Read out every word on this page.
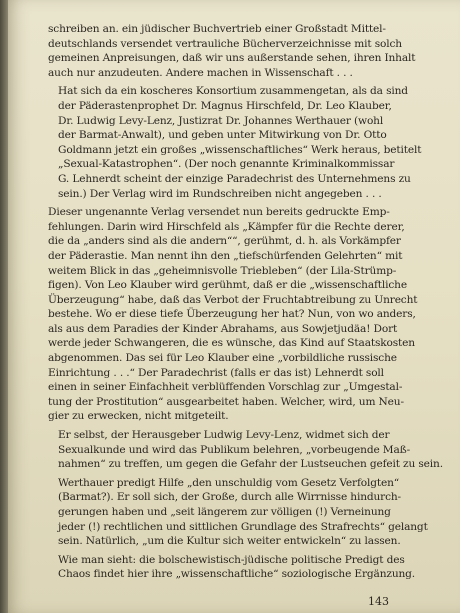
schreiben an. ein jüdischer Buchvertrieb einer Großstadt Mittel-
deutschlands versendet vertrauliche Bücherverzeichnisse mit solch
gemeinen Anpreisungen, daß wir uns außerstande sehen, ihren Inhalt
auch nur anzudeuten. Andere machen in Wissenschaft . . .
Hat sich da ein koscheres Konsortium zusammengetan, als da sind
der Päderastenprophet Dr. Magnus Hirschfeld, Dr. Leo Klauber,
Dr. Ludwig Levy-Lenz, Justizrat Dr. Johannes Werthauer (wohl
der Barmat-Anwalt), und geben unter Mitwirkung von Dr. Otto
Goldmann jetzt ein großes „wissenschaftliches“ Werk heraus, betitelt
„Sexual-Katastrophen“. (Der noch genannte Kriminalkommissar
G. Lehnerdt scheint der einzige Paradechrist des Unternehmens zu
sein.) Der Verlag wird im Rundschreiben nicht angegeben . . .
Dieser ungenannte Verlag versendet nun bereits gedruckte Emp-
fehlungen. Darin wird Hirschfeld als „Kämpfer für die Rechte derer,
die da „anders sind als die andern““, gerühmt, d. h. als Vorkämpfer
der Päderastie. Man nennt ihn den „tiefschürfenden Gelehrten“ mit
weitem Blick in das „geheimnisvolle Triebleben“ (der Lila-Strümp-
figen). Von Leo Klauber wird gerühmt, daß er die „wissenschaftliche
Überzeugung“ habe, daß das Verbot der Fruchtabtreibung zu Unrecht
bestehe. Wo er diese tiefe Überzeugung her hat? Nun, von wo anders,
als aus dem Paradies der Kinder Abrahams, aus Sowjetjudäa! Dort
werde jeder Schwangeren, die es wünsche, das Kind auf Staatskosten
abgenommen. Das sei für Leo Klauber eine „vorbildliche russische
Einrichtung . . .“ Der Paradechrist (falls er das ist) Lehnerdt soll
einen in seiner Einfachheit verblüffenden Vorschlag zur „Umgestal-
tung der Prostitution“ ausgearbeitet haben. Welcher, wird, um Neu-
gier zu erwecken, nicht mitgeteilt.
Er selbst, der Herausgeber Ludwig Levy-Lenz, widmet sich der
Sexualkunde und wird das Publikum belehren, „vorbeugende Maß-
nahmen“ zu treffen, um gegen die Gefahr der Lustseuchen gefeit zu sein.
Werthauer predigt Hilfe „den unschuldig vom Gesetz Verfolgten“
(Barmat?). Er soll sich, der Große, durch alle Wirrnisse hindurch-
gerungen haben und „seit längerem zur völligen (!) Verneinung
jeder (!) rechtlichen und sittlichen Grundlage des Strafrechts“ gelangt
sein. Natürlich, „um die Kultur sich weiter entwickeln“ zu lassen.
Wie man sieht: die bolschewistisch-jüdische politische Predigt des
Chaos findet hier ihre „wissenschaftliche“ soziologische Ergänzung.
143
